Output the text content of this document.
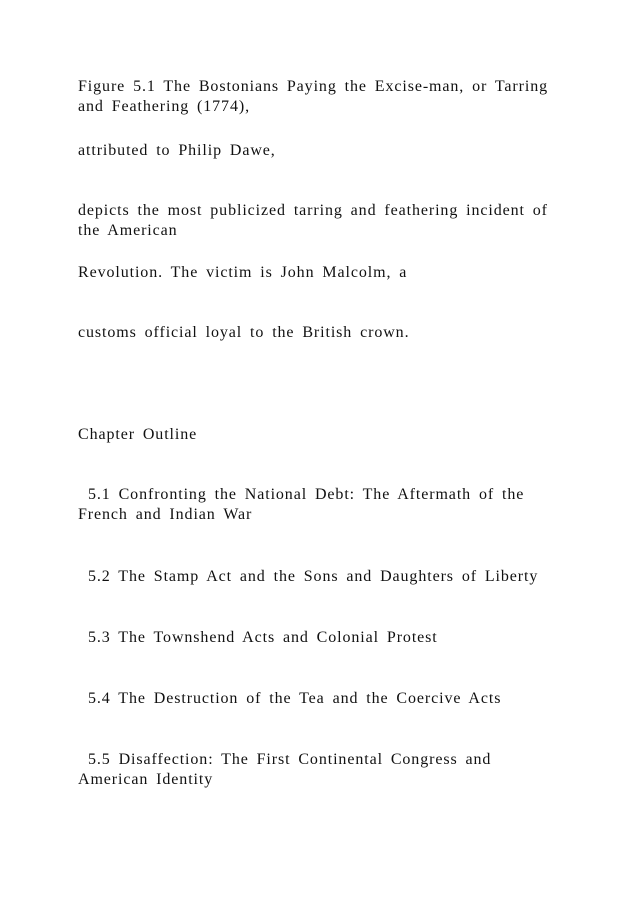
Figure 5.1 The Bostonians Paying the Excise-man, or Tarring and Feathering (1774),

attributed to Philip Dawe,

depicts the most publicized tarring and feathering incident of the American

Revolution. The victim is John Malcolm, a

customs official loyal to the British crown.

Chapter Outline

5.1 Confronting the National Debt: The Aftermath of the French and Indian War

5.2 The Stamp Act and the Sons and Daughters of Liberty

5.3 The Townshend Acts and Colonial Protest

5.4 The Destruction of the Tea and the Coercive Acts

5.5 Disaffection: The First Continental Congress and American Identity
